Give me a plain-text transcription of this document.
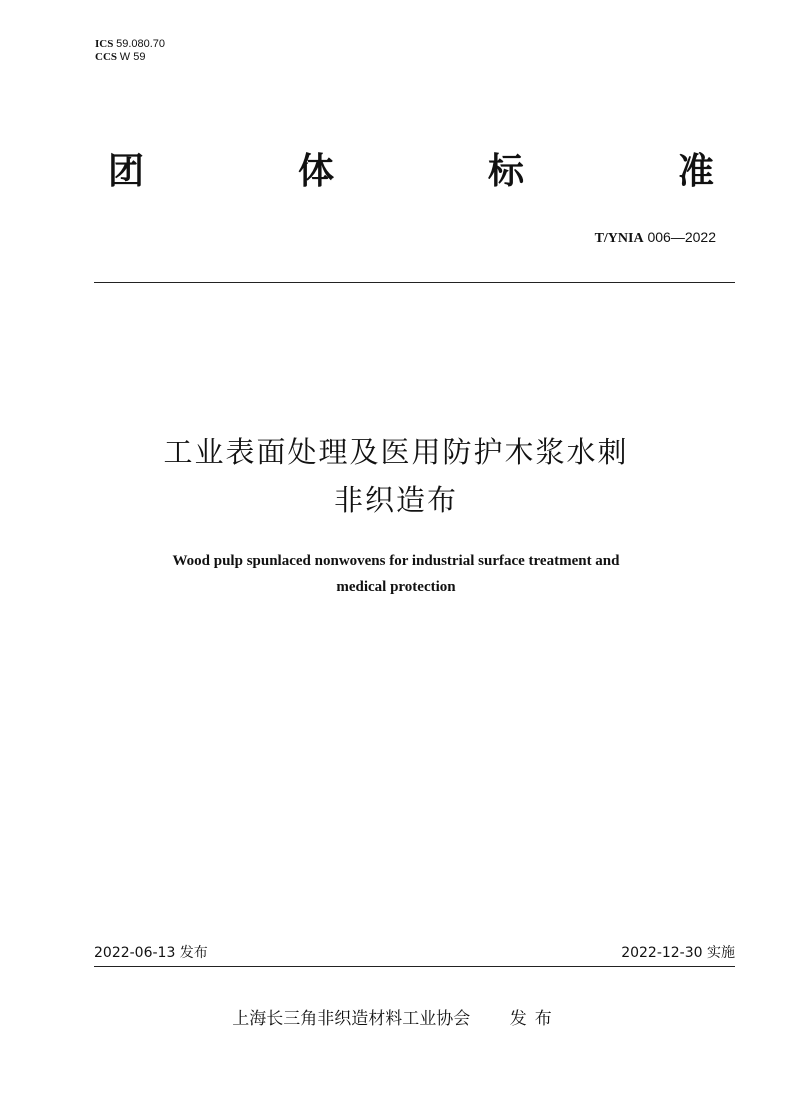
ICS 59.080.70
CCS W 59
团	体	标	准
T/YNIA 006—2022
工业表面处理及医用防护木浆水刺
非织造布
Wood pulp spunlaced nonwovens for industrial surface treatment and
medical protection
2022-06-13 发布	2022-12-30 实施
上海长三角非织造材料工业协会 发布
